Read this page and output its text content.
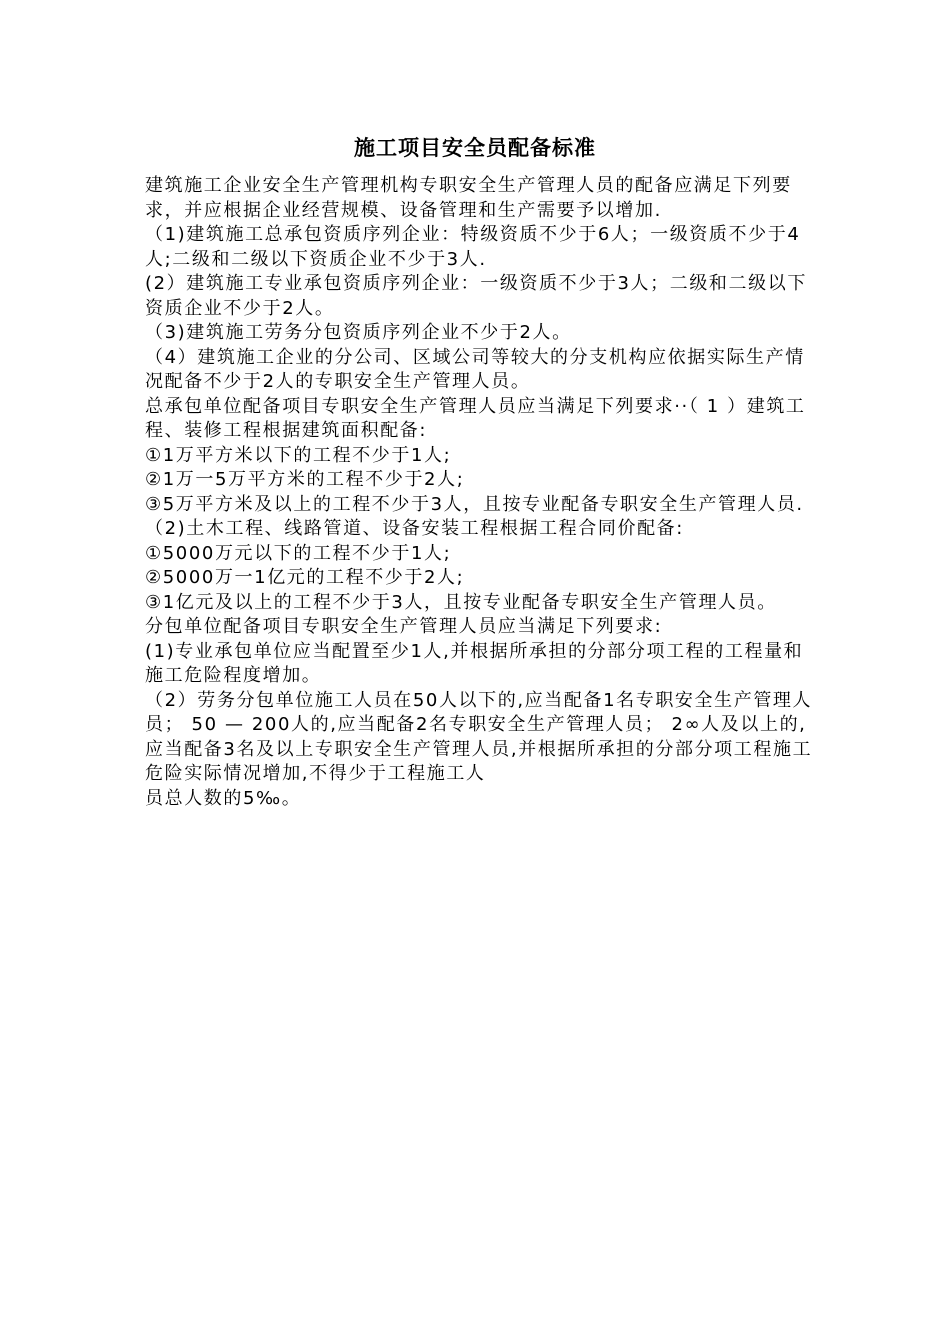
施工项目安全员配备标准

建筑施工企业安全生产管理机构专职安全生产管理人员的配备应满足下列要求，并应根据企业经营规模、设备管理和生产需要予以增加.

（1)建筑施工总承包资质序列企业：特级资质不少于6人；一级资质不少于4人;二级和二级以下资质企业不少于3人.

(2）建筑施工专业承包资质序列企业：一级资质不少于3人；二级和二级以下资质企业不少于2人。

（3)建筑施工劳务分包资质序列企业不少于2人。

（4）建筑施工企业的分公司、区域公司等较大的分支机构应依据实际生产情况配备不少于2人的专职安全生产管理人员。

总承包单位配备项目专职安全生产管理人员应当满足下列要求··（ 1 ）建筑工程、装修工程根据建筑面积配备:

①1万平方米以下的工程不少于1人;

②1万一5万平方米的工程不少于2人;

③5万平方米及以上的工程不少于3人，且按专业配备专职安全生产管理人员.

（2)土木工程、线路管道、设备安装工程根据工程合同价配备:

①5000万元以下的工程不少于1人;

②5000万一1亿元的工程不少于2人;

③1亿元及以上的工程不少于3人，且按专业配备专职安全生产管理人员。

分包单位配备项目专职安全生产管理人员应当满足下列要求:

(1)专业承包单位应当配置至少1人,并根据所承担的分部分项工程的工程量和施工危险程度增加。

（2）劳务分包单位施工人员在50人以下的,应当配备1名专职安全生产管理人员； 50 — 200人的,应当配备2名专职安全生产管理人员； 2∞人及以上的,应当配备3名及以上专职安全生产管理人员,并根据所承担的分部分项工程施工危险实际情况增加,不得少于工程施工人

员总人数的5‰。
